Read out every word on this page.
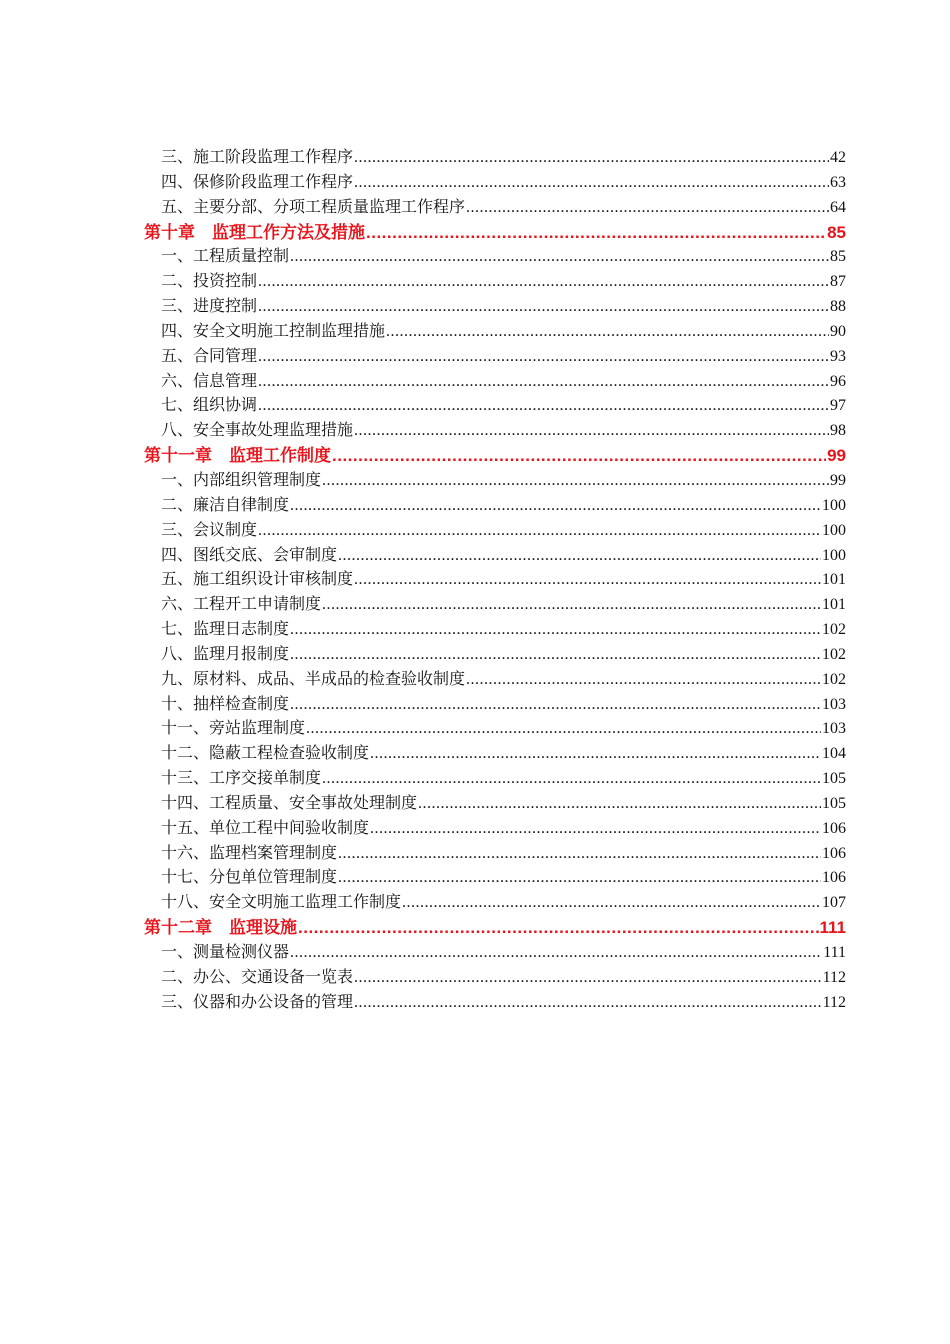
三、施工阶段监理工作程序 .....	42
四、保修阶段监理工作程序 .....	63
五、主要分部、分项工程质量监理工作程序 .....	64
第十章　监理工作方法及措施 .....	85
一、工程质量控制 .....	85
二、投资控制 .....	87
三、进度控制 .....	88
四、安全文明施工控制监理措施 .....	90
五、合同管理 .....	93
六、信息管理 .....	96
七、组织协调 .....	97
八、安全事故处理监理措施 .....	98
第十一章　监理工作制度 .....	99
一、内部组织管理制度 .....	99
二、廉洁自律制度 .....	100
三、会议制度 .....	100
四、图纸交底、会审制度 .....	100
五、施工组织设计审核制度 .....	101
六、工程开工申请制度 .....	101
七、监理日志制度 .....	102
八、监理月报制度 .....	102
九、原材料、成品、半成品的检查验收制度 .....	102
十、抽样检查制度 .....	103
十一、旁站监理制度 .....	103
十二、隐蔽工程检查验收制度 .....	104
十三、工序交接单制度 .....	105
十四、工程质量、安全事故处理制度 .....	105
十五、单位工程中间验收制度 .....	106
十六、监理档案管理制度 .....	106
十七、分包单位管理制度 .....	106
十八、安全文明施工监理工作制度 .....	107
第十二章　监理设施 .....	111
一、测量检测仪器 .....	111
二、办公、交通设备一览表 .....	112
三、仪器和办公设备的管理 .....	112
